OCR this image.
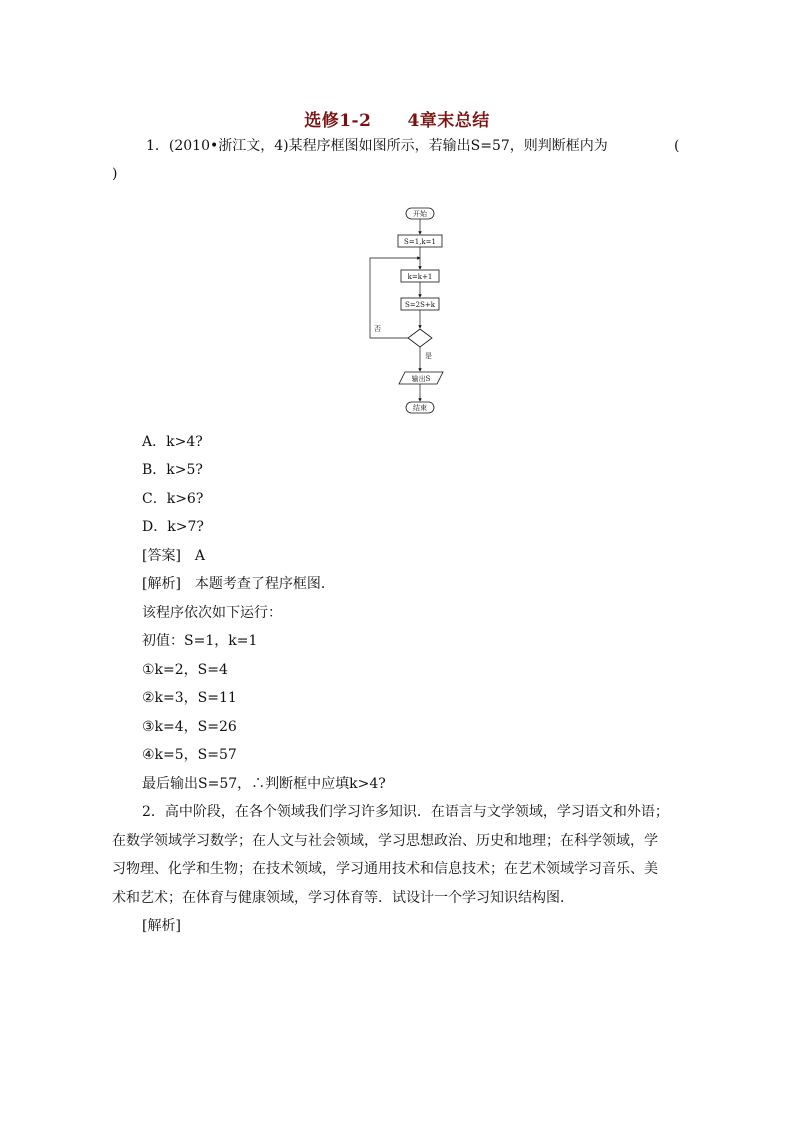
选修1-2 4章末总结
1．(2010•浙江文，4)某程序框图如图所示，若输出S=57，则判断框内为	(
)
开始
S=1,k=1
k=k+1
S=2S+k
否
是
输出S
结束
A．k>4?
B．k>5?
C．k>6?
D．k>7?
[答案]　A
[解析]　本题考查了程序框图．
该程序依次如下运行：
初值：S=1，k=1
①k=2，S=4
②k=3，S=11
③k=4，S=26
④k=5，S=57
最后输出S=57，∴判断框中应填k>4?
2．高中阶段，在各个领域我们学习许多知识．在语言与文学领域，学习语文和外语；
在数学领域学习数学；在人文与社会领域，学习思想政治、历史和地理；在科学领域，学
习物理、化学和生物；在技术领域，学习通用技术和信息技术；在艺术领域学习音乐、美
术和艺术；在体育与健康领域，学习体育等．试设计一个学习知识结构图．
[解析]
